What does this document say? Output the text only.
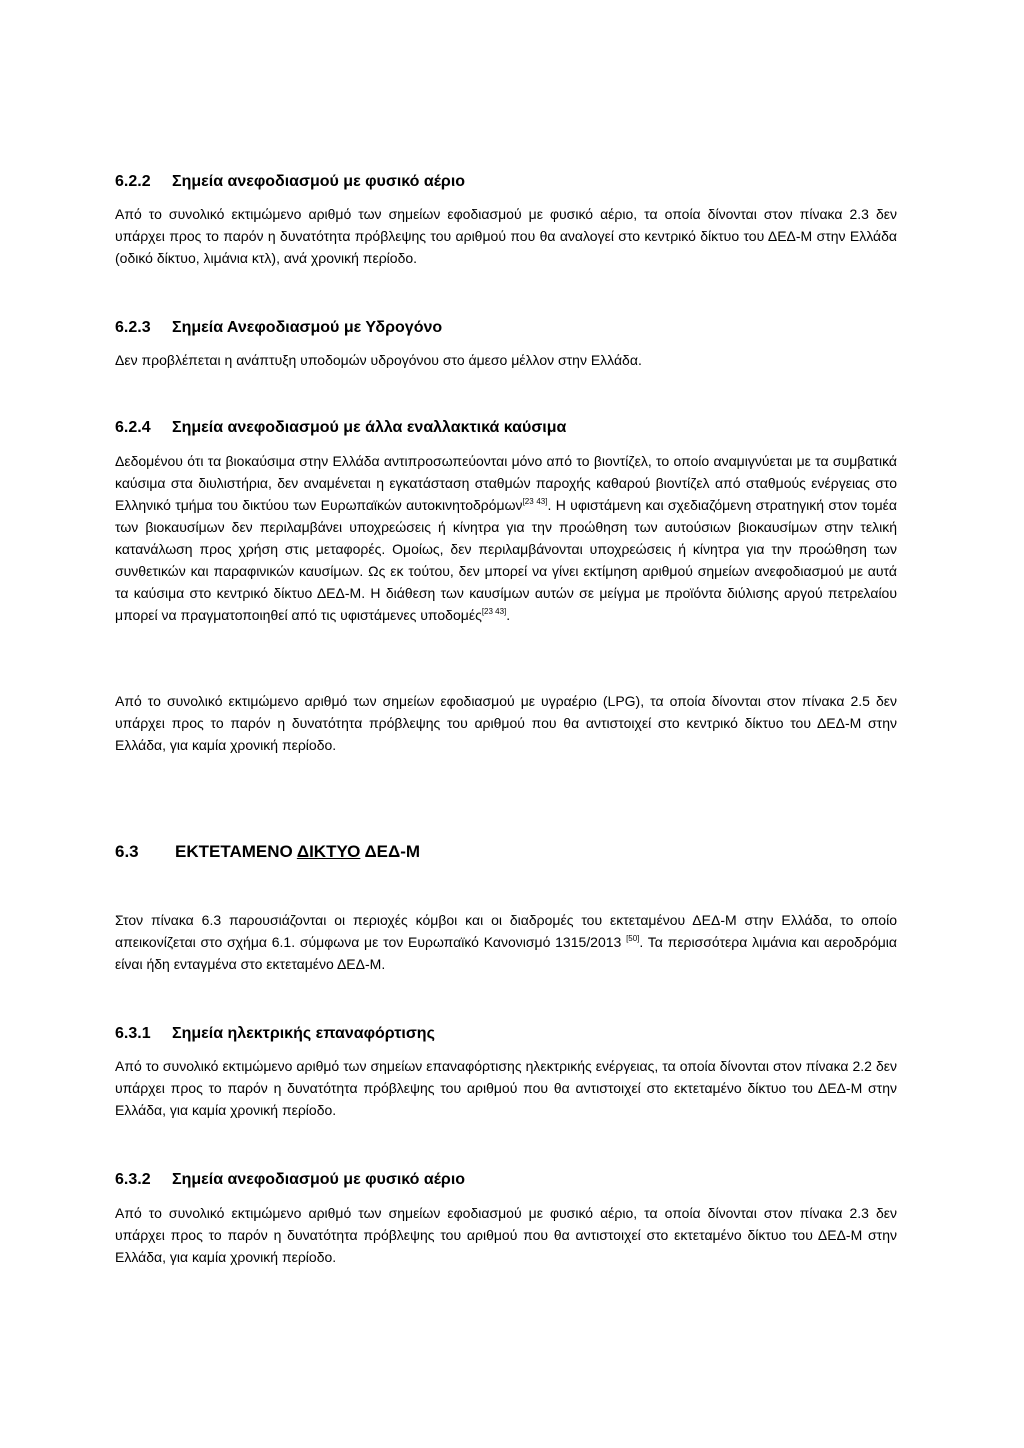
6.2.2 Σημεία ανεφοδιασμού με φυσικό αέριο

Από το συνολικό εκτιμώμενο αριθμό των σημείων εφοδιασμού με φυσικό αέριο, τα οποία δίνονται στον πίνακα 2.3 δεν υπάρχει προς το παρόν η δυνατότητα πρόβλεψης του αριθμού που θα αναλογεί στο κεντρικό δίκτυο του ΔΕΔ-Μ στην Ελλάδα (οδικό δίκτυο, λιμάνια κτλ), ανά χρονική περίοδο.

6.2.3 Σημεία Ανεφοδιασμού με Υδρογόνο

Δεν προβλέπεται η ανάπτυξη υποδομών υδρογόνου στο άμεσο μέλλον στην Ελλάδα.

6.2.4 Σημεία ανεφοδιασμού με άλλα εναλλακτικά καύσιμα

Δεδομένου ότι τα βιοκαύσιμα στην Ελλάδα αντιπροσωπεύονται μόνο από το βιοντίζελ, το οποίο αναμιγνύεται με τα συμβατικά καύσιμα στα διυλιστήρια, δεν αναμένεται η εγκατάσταση σταθμών παροχής καθαρού βιοντίζελ από σταθμούς ενέργειας στο Ελληνικό τμήμα του δικτύου των Ευρωπαϊκών αυτοκινητοδρόμων[23 43]. Η υφιστάμενη και σχεδιαζόμενη στρατηγική στον τομέα των βιοκαυσίμων δεν περιλαμβάνει υποχρεώσεις ή κίνητρα για την προώθηση των αυτούσιων βιοκαυσίμων στην τελική κατανάλωση προς χρήση στις μεταφορές. Ομοίως, δεν περιλαμβάνονται υποχρεώσεις ή κίνητρα για την προώθηση των συνθετικών και παραφινικών καυσίμων. Ως εκ τούτου, δεν μπορεί να γίνει εκτίμηση αριθμού σημείων ανεφοδιασμού με αυτά τα καύσιμα στο κεντρικό δίκτυο ΔΕΔ-Μ. Η διάθεση των καυσίμων αυτών σε μείγμα με προϊόντα διύλισης αργού πετρελαίου μπορεί να πραγματοποιηθεί από τις υφιστάμενες υποδομές[23 43].

Από το συνολικό εκτιμώμενο αριθμό των σημείων εφοδιασμού με υγραέριο (LPG), τα οποία δίνονται στον πίνακα 2.5 δεν υπάρχει προς το παρόν η δυνατότητα πρόβλεψης του αριθμού που θα αντιστοιχεί στο κεντρικό δίκτυο του ΔΕΔ-Μ στην Ελλάδα, για καμία χρονική περίοδο.

6.3 ΕΚΤΕΤΑΜΕΝΟ ΔΙΚΤΥΟ ΔΕΔ-Μ

Στον πίνακα 6.3 παρουσιάζονται οι περιοχές κόμβοι και οι διαδρομές του εκτεταμένου ΔΕΔ-Μ στην Ελλάδα, το οποίο απεικονίζεται στο σχήμα 6.1. σύμφωνα με τον Ευρωπαϊκό Κανονισμό 1315/2013 [50]. Τα περισσότερα λιμάνια και αεροδρόμια είναι ήδη ενταγμένα στο εκτεταμένο ΔΕΔ-Μ.

6.3.1 Σημεία ηλεκτρικής επαναφόρτισης

Από το συνολικό εκτιμώμενο αριθμό των σημείων επαναφόρτισης ηλεκτρικής ενέργειας, τα οποία δίνονται στον πίνακα 2.2 δεν υπάρχει προς το παρόν η δυνατότητα πρόβλεψης του αριθμού που θα αντιστοιχεί στο εκτεταμένο δίκτυο του ΔΕΔ-Μ στην Ελλάδα, για καμία χρονική περίοδο.

6.3.2 Σημεία ανεφοδιασμού με φυσικό αέριο

Από το συνολικό εκτιμώμενο αριθμό των σημείων εφοδιασμού με φυσικό αέριο, τα οποία δίνονται στον πίνακα 2.3 δεν υπάρχει προς το παρόν η δυνατότητα πρόβλεψης του αριθμού που θα αντιστοιχεί στο εκτεταμένο δίκτυο του ΔΕΔ-Μ στην Ελλάδα, για καμία χρονική περίοδο.
